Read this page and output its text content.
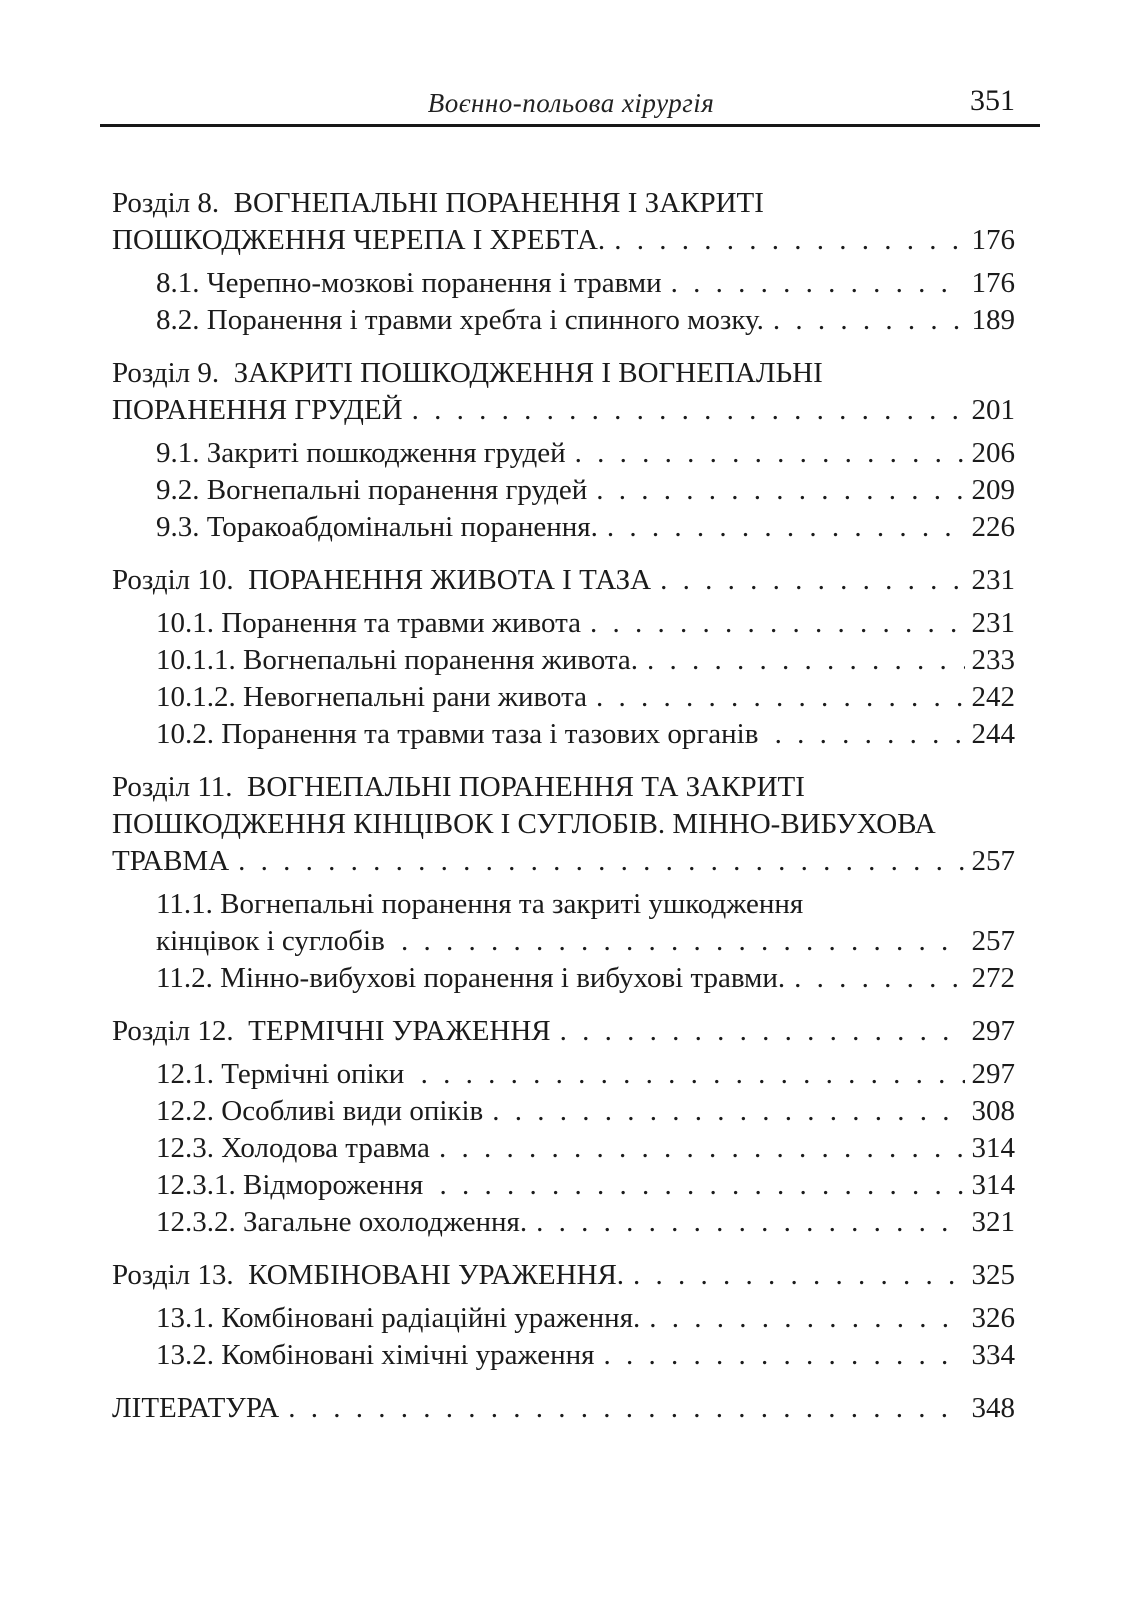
Воєнно-польова хірургія	351
Розділ 8.  ВОГНЕПАЛЬНІ ПОРАНЕННЯ І ЗАКРИТІ
ПОШКОДЖЕННЯ ЧЕРЕПА І ХРЕБТА. . . .	176
8.1. Черепно-мозкові поранення і травми . . .	176
8.2. Поранення і травми хребта і спинного мозку. . . .	189
Розділ 9.  ЗАКРИТІ ПОШКОДЖЕННЯ І ВОГНЕПАЛЬНІ
ПОРАНЕННЯ ГРУДЕЙ . . .	201
9.1. Закриті пошкодження грудей . . .	206
9.2. Вогнепальні поранення грудей . . .	209
9.3. Торакоабдомінальні поранення. . . .	226
Розділ 10.  ПОРАНЕННЯ ЖИВОТА І ТАЗА . . .	231
10.1. Поранення та травми живота . . .	231
10.1.1. Вогнепальні поранення живота. . . .	233
10.1.2. Невогнепальні рани живота . . .	242
10.2. Поранення та травми таза і тазових органів . . .	244
Розділ 11.  ВОГНЕПАЛЬНІ ПОРАНЕННЯ ТА ЗАКРИТІ
ПОШКОДЖЕННЯ КІНЦІВОК І СУГЛОБІВ. МІННО-ВИБУХОВА
ТРАВМА . . .	257
11.1. Вогнепальні поранення та закриті ушкодження
кінцівок і суглобів . . .	257
11.2. Мінно-вибухові поранення і вибухові травми. . . .	272
Розділ 12.  ТЕРМІЧНІ УРАЖЕННЯ . . .	297
12.1. Термічні опіки . . .	297
12.2. Особливі види опіків . . .	308
12.3. Холодова травма . . .	314
12.3.1. Відмороження . . .	314
12.3.2. Загальне охолодження. . . .	321
Розділ 13.  КОМБІНОВАНІ УРАЖЕННЯ. . . .	325
13.1. Комбіновані радіаційні ураження. . . .	326
13.2. Комбіновані хімічні ураження . . .	334
ЛІТЕРАТУРА . . .	348
